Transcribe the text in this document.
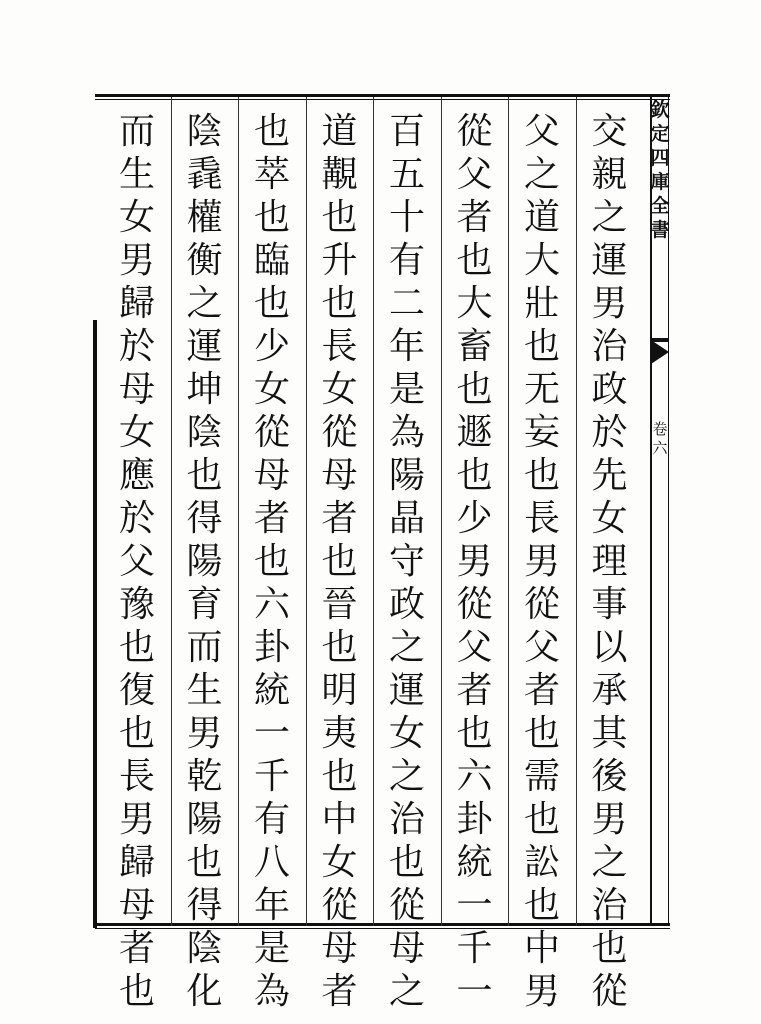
欽
定
四
庫
全
書
卷
六
交
親
之
運
男
治
政
於
先
女
理
事
以
承
其
後
男
之
治
也
從
父
之
道
大
壯
也
无
妄
也
長
男
從
父
者
也
需
也
訟
也
中
男
從
父
者
也
大
畜
也
遯
也
少
男
從
父
者
也
六
卦
統
一
千
一
百
五
十
有
二
年
是
為
陽
晶
守
政
之
運
女
之
治
也
從
母
之
道
覯
也
升
也
長
女
從
母
者
也
晉
也
明
夷
也
中
女
從
母
者
也
萃
也
臨
也
少
女
從
母
者
也
六
卦
統
一
千
有
八
年
是
為
陰
毳
權
衡
之
運
坤
陰
也
得
陽
育
而
生
男
乾
陽
也
得
陰
化
而
生
女
男
歸
於
母
女
應
於
父
豫
也
復
也
長
男
歸
母
者
也
